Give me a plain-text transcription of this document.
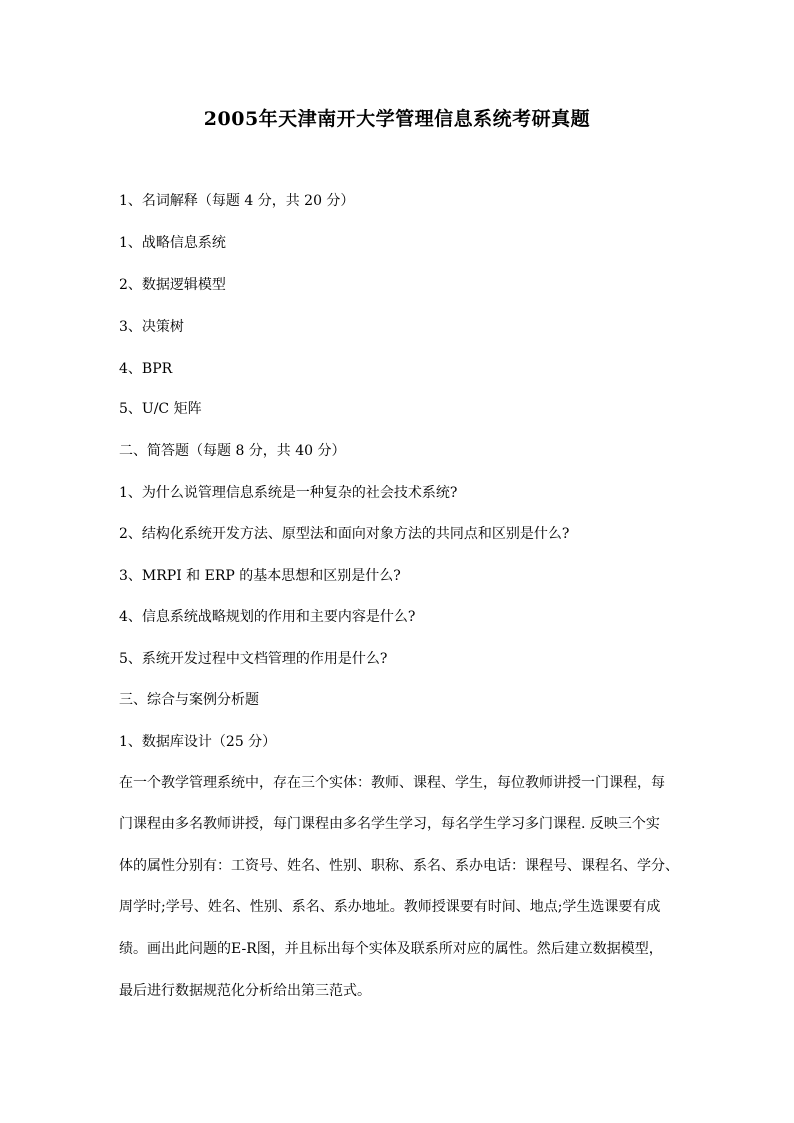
2005年天津南开大学管理信息系统考研真题
1、名词解释（每题 4 分，共 20 分）
1、战略信息系统
2、数据逻辑模型
3、决策树
4、BPR
5、U/C 矩阵
二、简答题（每题 8 分，共 40 分）
1、为什么说管理信息系统是一种复杂的社会技术系统?
2、结构化系统开发方法、原型法和面向对象方法的共同点和区别是什么?
3、MRPI 和 ERP 的基本思想和区别是什么?
4、信息系统战略规划的作用和主要内容是什么?
5、系统开发过程中文档管理的作用是什么?
三、综合与案例分析题
1、数据库设计（25 分）
在一个教学管理系统中，存在三个实体：教师、课程、学生，每位教师讲授一门课程，每
门课程由多名教师讲授，每门课程由多名学生学习，每名学生学习多门课程. 反映三个实
体的属性分别有：工资号、姓名、性别、职称、系名、系办电话：课程号、课程名、学分、
周学时;学号、姓名、性别、系名、系办地址。教师授课要有时间、地点;学生选课要有成
绩。画出此问题的E-R图，并且标出每个实体及联系所对应的属性。然后建立数据模型，
最后进行数据规范化分析给出第三范式。
